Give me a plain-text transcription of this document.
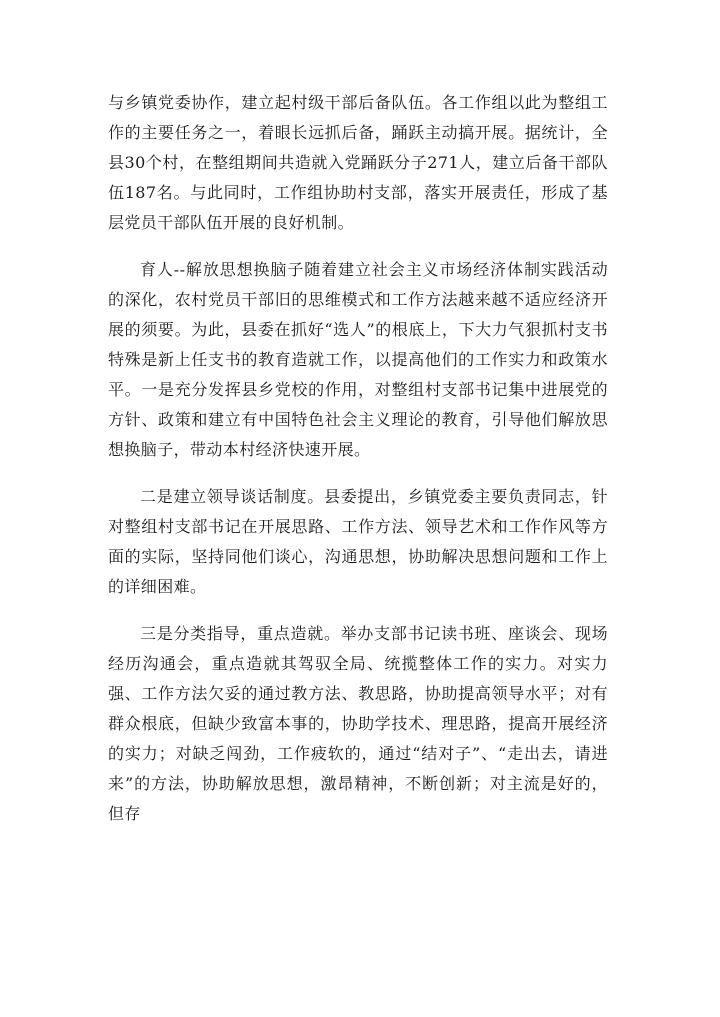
与乡镇党委协作，建立起村级干部后备队伍。各工作组以此为整组工作的主要任务之一，着眼长远抓后备，踊跃主动搞开展。据统计，全县30个村，在整组期间共造就入党踊跃分子271人，建立后备干部队伍187名。与此同时，工作组协助村支部，落实开展责任，形成了基层党员干部队伍开展的良好机制。

育人--解放思想换脑子随着建立社会主义市场经济体制实践活动的深化，农村党员干部旧的思维模式和工作方法越来越不适应经济开展的须要。为此，县委在抓好“选人”的根底上，下大力气狠抓村支书特殊是新上任支书的教育造就工作，以提高他们的工作实力和政策水平。一是充分发挥县乡党校的作用，对整组村支部书记集中进展党的方针、政策和建立有中国特色社会主义理论的教育，引导他们解放思想换脑子，带动本村经济快速开展。

二是建立领导谈话制度。县委提出，乡镇党委主要负责同志，针对整组村支部书记在开展思路、工作方法、领导艺术和工作作风等方面的实际，坚持同他们谈心，沟通思想，协助解决思想问题和工作上的详细困难。

三是分类指导，重点造就。举办支部书记读书班、座谈会、现场经历沟通会，重点造就其驾驭全局、统揽整体工作的实力。对实力强、工作方法欠妥的通过教方法、教思路，协助提高领导水平；对有群众根底，但缺少致富本事的，协助学技术、理思路，提高开展经济的实力；对缺乏闯劲，工作疲软的，通过“结对子”、“走出去，请进来”的方法，协助解放思想，激昂精神，不断创新；对主流是好的，但存
